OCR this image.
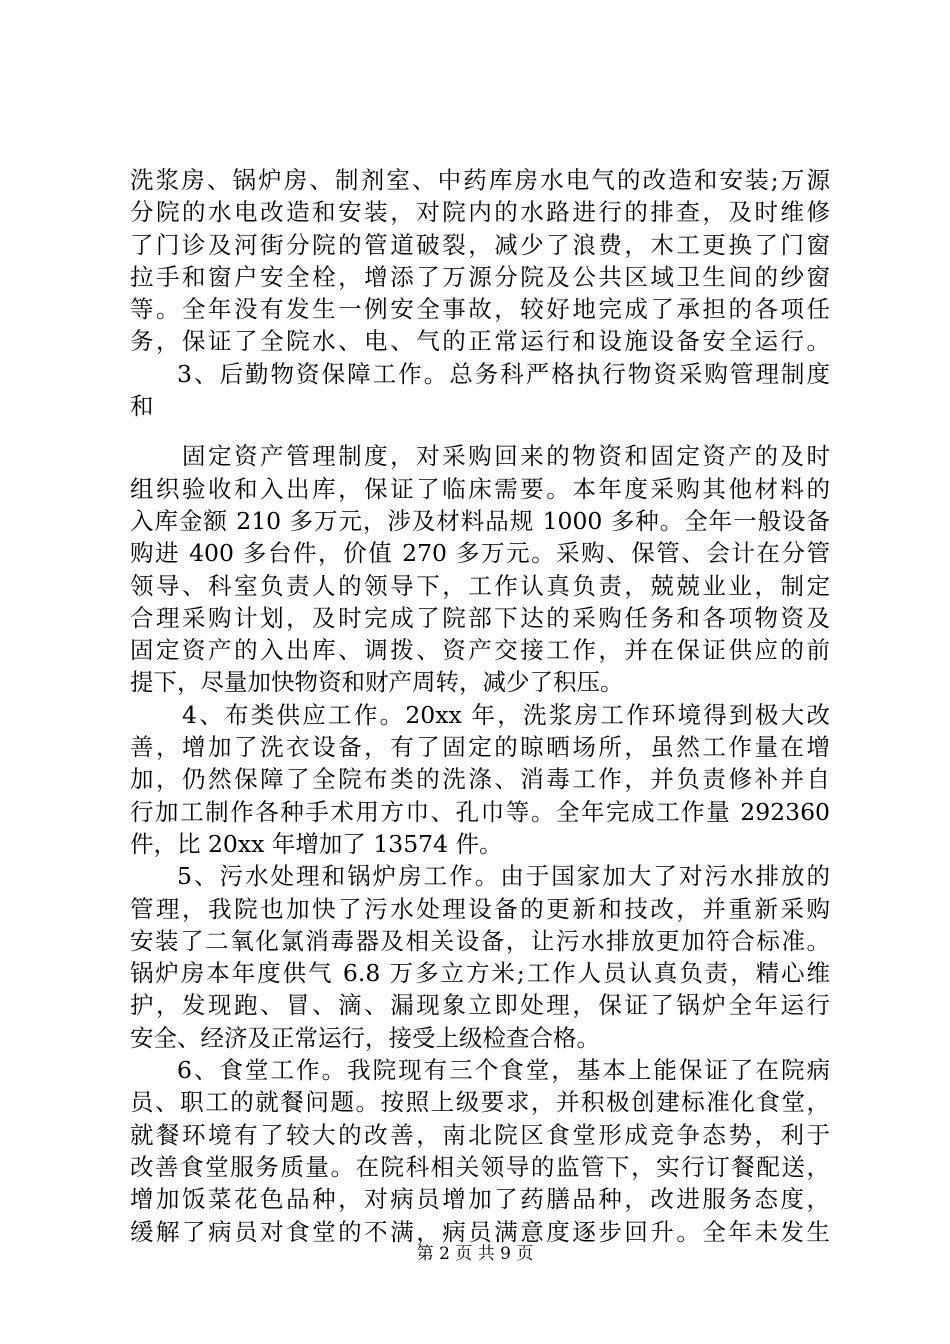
洗浆房、锅炉房、制剂室、中药库房水电气的改造和安装;万源
分院的水电改造和安装，对院内的水路进行的排查，及时维修
了门诊及河街分院的管道破裂，减少了浪费，木工更换了门窗
拉手和窗户安全栓，增添了万源分院及公共区域卫生间的纱窗
等。全年没有发生一例安全事故，较好地完成了承担的各项任
务，保证了全院水、电、气的正常运行和设施设备安全运行。
3、后勤物资保障工作。总务科严格执行物资采购管理制度
和
固定资产管理制度，对采购回来的物资和固定资产的及时
组织验收和入出库，保证了临床需要。本年度采购其他材料的
入库金额 210 多万元，涉及材料品规 1000 多种。全年一般设备
购进 400 多台件，价值 270 多万元。采购、保管、会计在分管
领导、科室负责人的领导下，工作认真负责，兢兢业业，制定
合理采购计划，及时完成了院部下达的采购任务和各项物资及
固定资产的入出库、调拨、资产交接工作，并在保证供应的前
提下，尽量加快物资和财产周转，减少了积压。
4、布类供应工作。20xx 年，洗浆房工作环境得到极大改
善，增加了洗衣设备，有了固定的晾晒场所，虽然工作量在增
加，仍然保障了全院布类的洗涤、消毒工作，并负责修补并自
行加工制作各种手术用方巾、孔巾等。全年完成工作量 292360
件，比 20xx 年增加了 13574 件。
5、污水处理和锅炉房工作。由于国家加大了对污水排放的
管理，我院也加快了污水处理设备的更新和技改，并重新采购
安装了二氧化氯消毒器及相关设备，让污水排放更加符合标准。
锅炉房本年度供气 6.8 万多立方米;工作人员认真负责，精心维
护，发现跑、冒、滴、漏现象立即处理，保证了锅炉全年运行
安全、经济及正常运行，接受上级检查合格。
6、食堂工作。我院现有三个食堂，基本上能保证了在院病
员、职工的就餐问题。按照上级要求，并积极创建标准化食堂，
就餐环境有了较大的改善，南北院区食堂形成竞争态势，利于
改善食堂服务质量。在院科相关领导的监管下，实行订餐配送，
增加饭菜花色品种，对病员增加了药膳品种，改进服务态度，
缓解了病员对食堂的不满，病员满意度逐步回升。全年未发生
第 2 页 共 9 页
